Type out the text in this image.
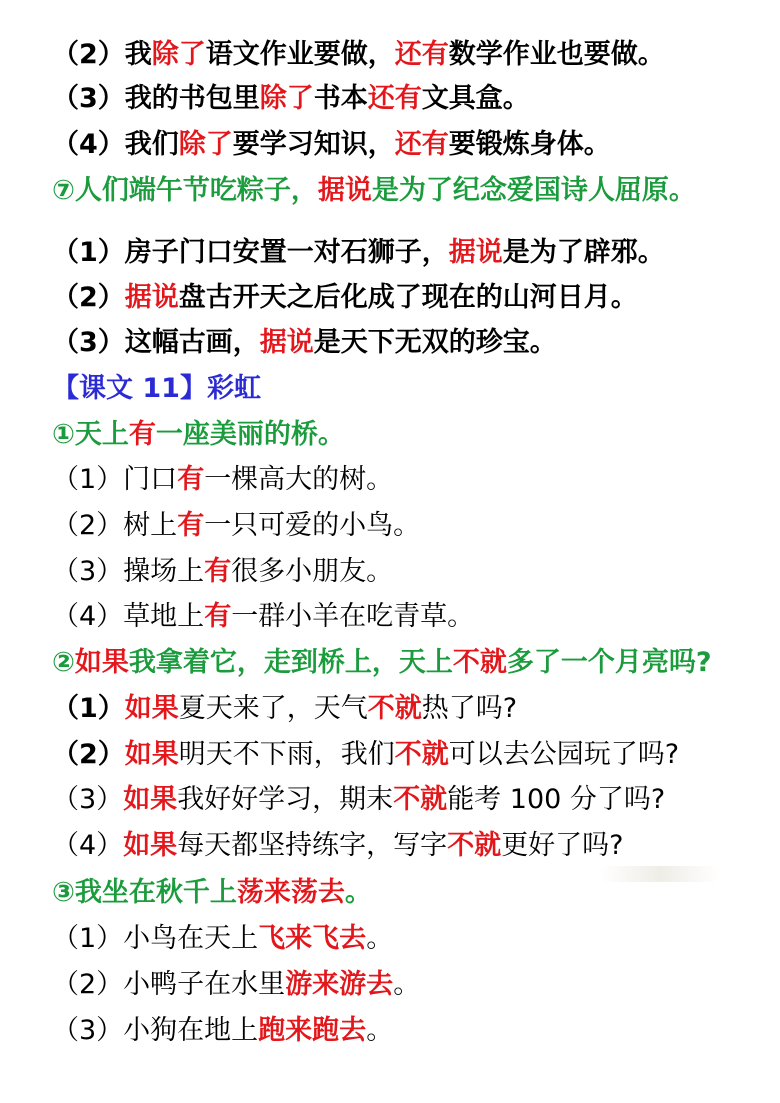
（2）我除了语文作业要做，还有数学作业也要做。
（3）我的书包里除了书本还有文具盒。
（4）我们除了要学习知识，还有要锻炼身体。
⑦人们端午节吃粽子，据说是为了纪念爱国诗人屈原。
（1）房子门口安置一对石狮子，据说是为了辟邪。
（2）据说盘古开天之后化成了现在的山河日月。
（3）这幅古画，据说是天下无双的珍宝。
【课文 11】彩虹
①天上有一座美丽的桥。
（1）门口有一棵高大的树。
（2）树上有一只可爱的小鸟。
（3）操场上有很多小朋友。
（4）草地上有一群小羊在吃青草。
②如果我拿着它，走到桥上，天上不就多了一个月亮吗?
（1）如果夏天来了，天气不就热了吗?
（2）如果明天不下雨，我们不就可以去公园玩了吗?
（3）如果我好好学习，期末不就能考 100 分了吗?
（4）如果每天都坚持练字，写字不就更好了吗?
③我坐在秋千上荡来荡去。
（1）小鸟在天上飞来飞去。
（2）小鸭子在水里游来游去。
（3）小狗在地上跑来跑去。
